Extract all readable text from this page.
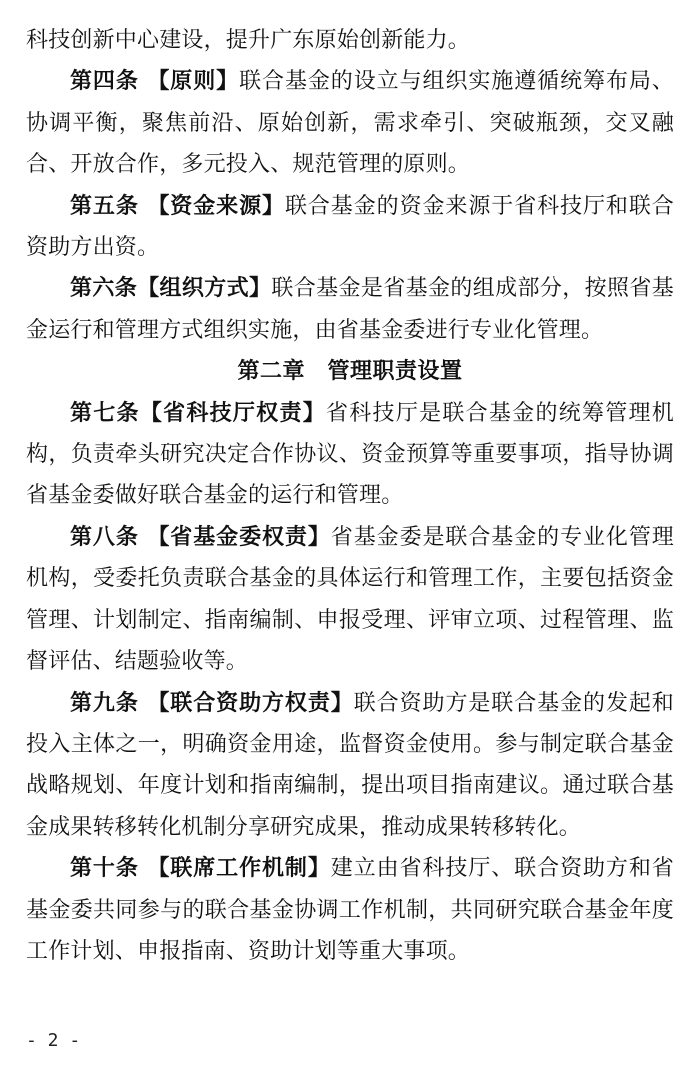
科技创新中心建设，提升广东原始创新能力。

第四条 【原则】联合基金的设立与组织实施遵循统筹布局、协调平衡，聚焦前沿、原始创新，需求牵引、突破瓶颈，交叉融合、开放合作，多元投入、规范管理的原则。

第五条 【资金来源】联合基金的资金来源于省科技厅和联合资助方出资。

第六条【组织方式】联合基金是省基金的组成部分，按照省基金运行和管理方式组织实施，由省基金委进行专业化管理。

第二章　管理职责设置

第七条【省科技厅权责】省科技厅是联合基金的统筹管理机构，负责牵头研究决定合作协议、资金预算等重要事项，指导协调省基金委做好联合基金的运行和管理。

第八条 【省基金委权责】省基金委是联合基金的专业化管理机构，受委托负责联合基金的具体运行和管理工作，主要包括资金管理、计划制定、指南编制、申报受理、评审立项、过程管理、监督评估、结题验收等。

第九条 【联合资助方权责】联合资助方是联合基金的发起和投入主体之一，明确资金用途，监督资金使用。参与制定联合基金战略规划、年度计划和指南编制，提出项目指南建议。通过联合基金成果转移转化机制分享研究成果，推动成果转移转化。

第十条 【联席工作机制】建立由省科技厅、联合资助方和省基金委共同参与的联合基金协调工作机制，共同研究联合基金年度工作计划、申报指南、资助计划等重大事项。

- 2 -
